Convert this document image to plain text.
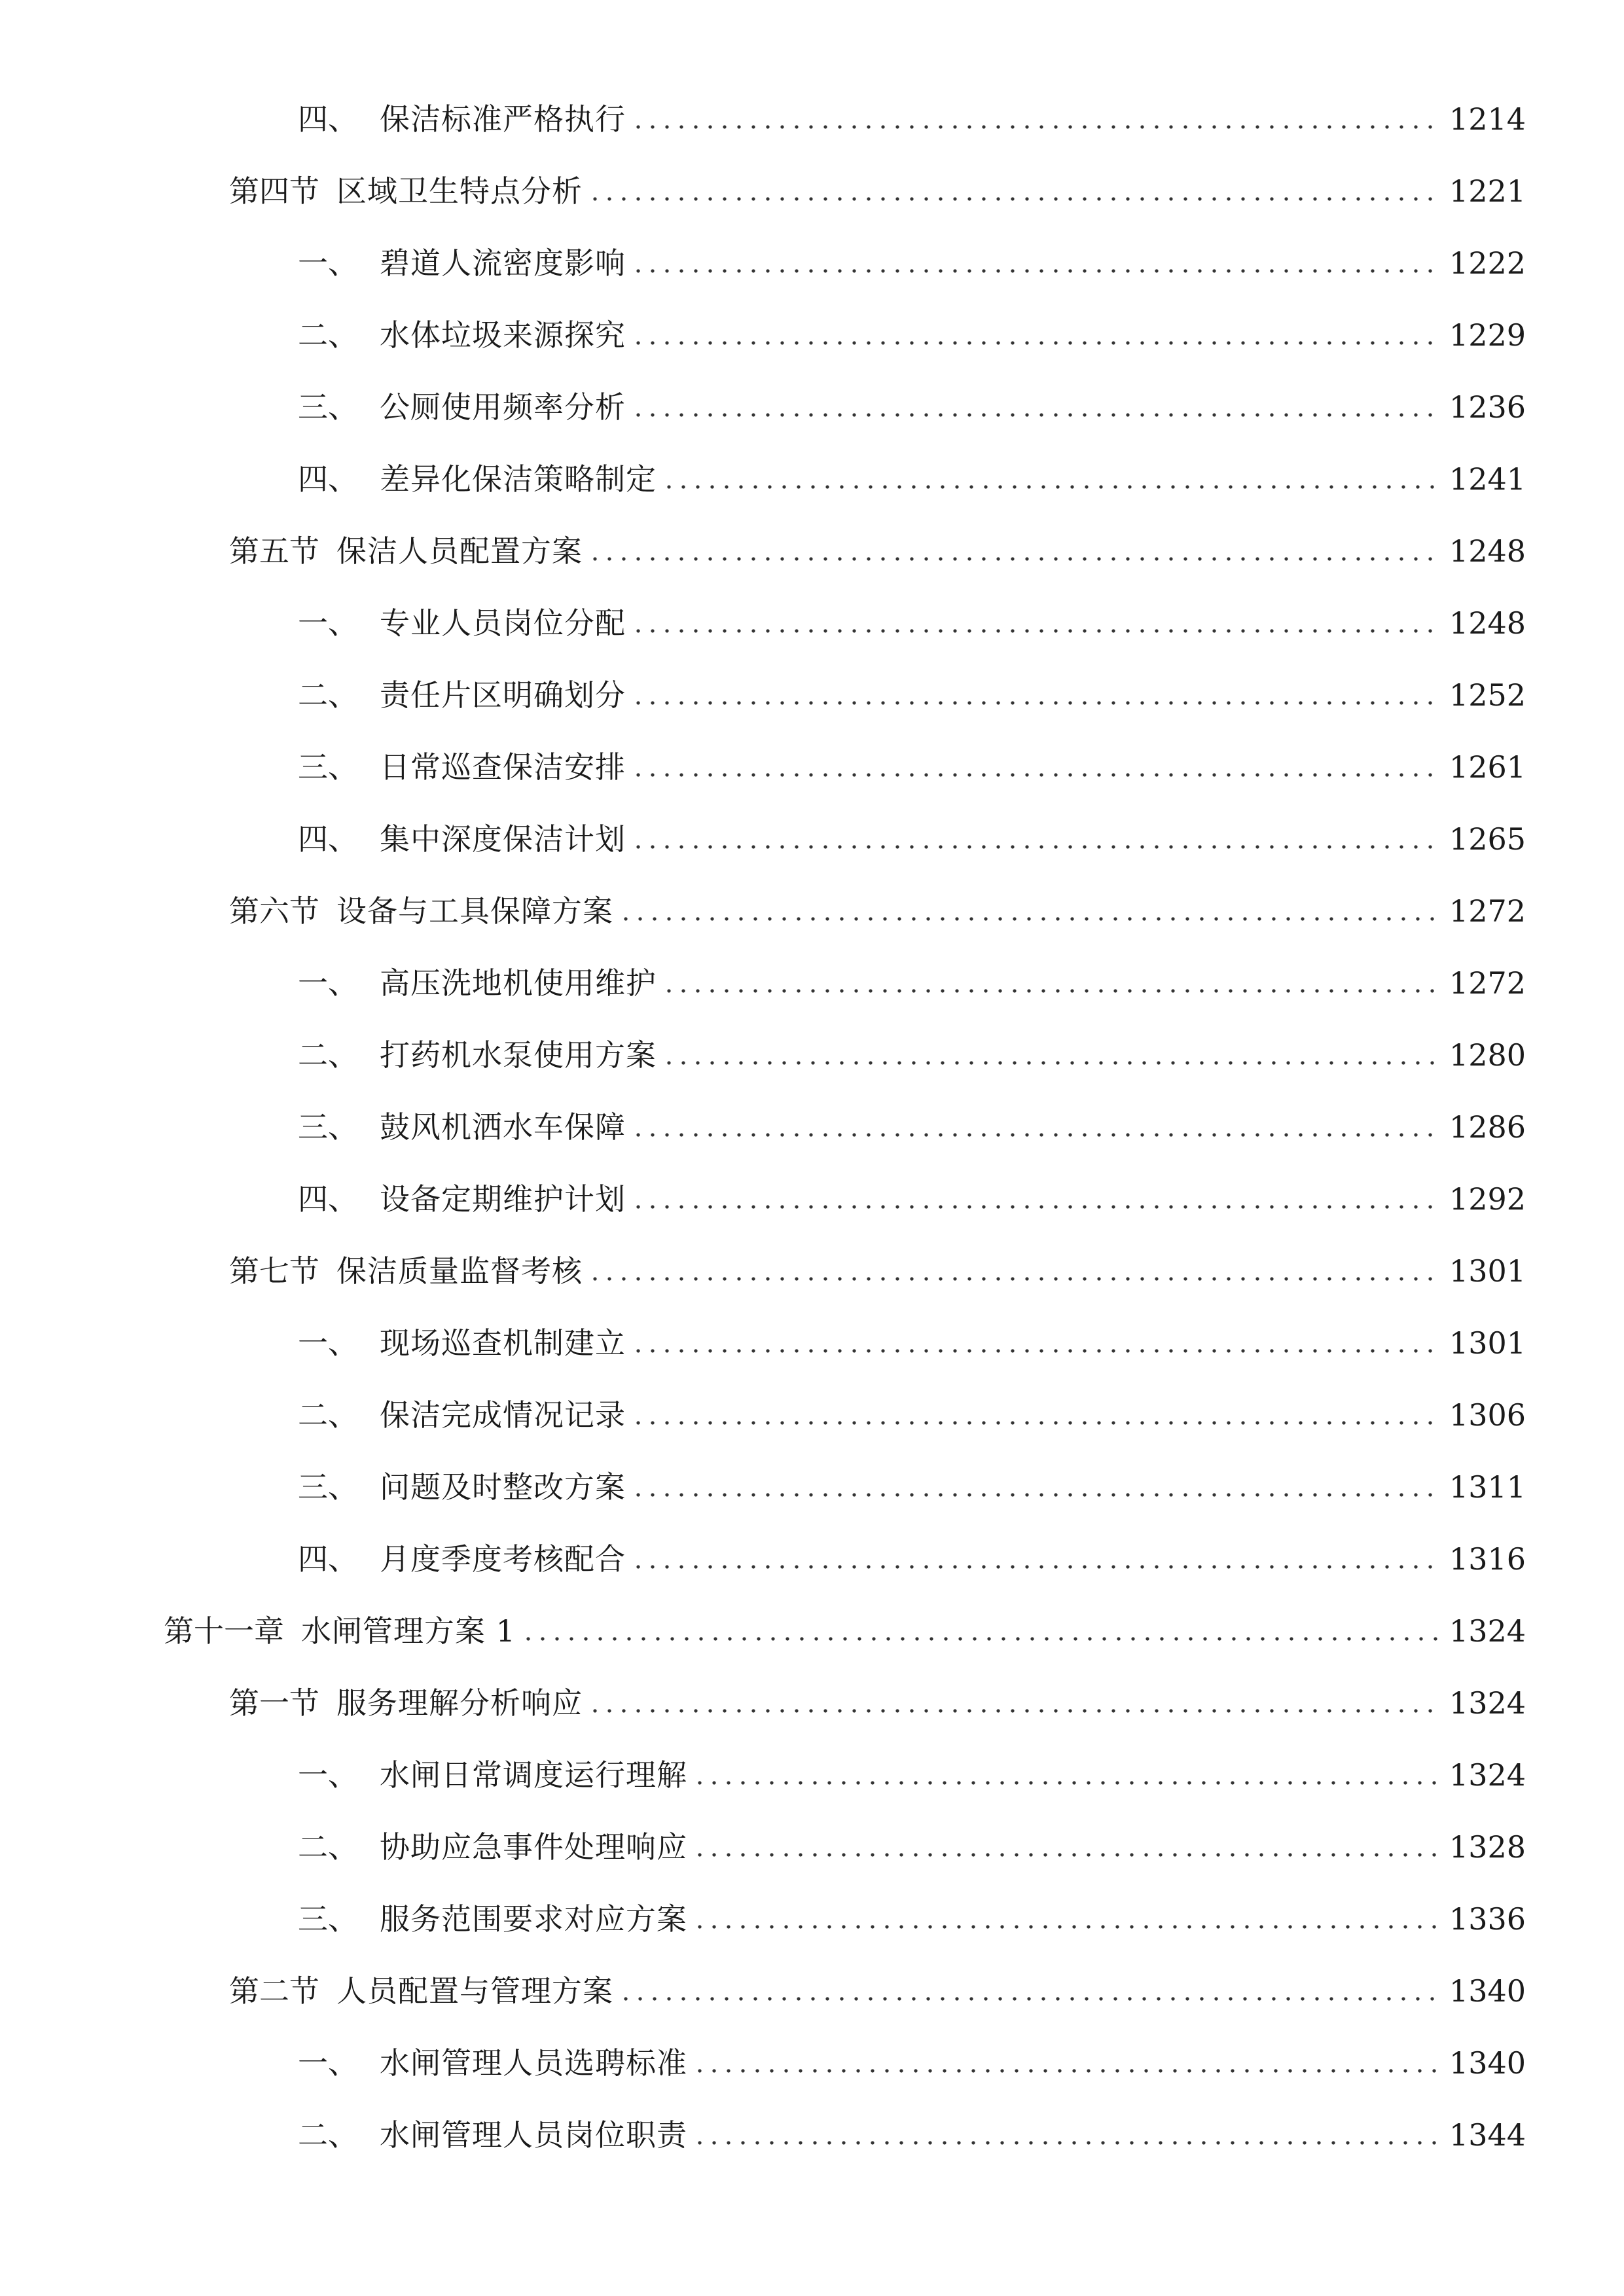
四、 保洁标准严格执行	1214
第四节 区域卫生特点分析	1221
一、 碧道人流密度影响	1222
二、 水体垃圾来源探究	1229
三、 公厕使用频率分析	1236
四、 差异化保洁策略制定	1241
第五节 保洁人员配置方案	1248
一、 专业人员岗位分配	1248
二、 责任片区明确划分	1252
三、 日常巡查保洁安排	1261
四、 集中深度保洁计划	1265
第六节 设备与工具保障方案	1272
一、 高压洗地机使用维护	1272
二、 打药机水泵使用方案	1280
三、 鼓风机洒水车保障	1286
四、 设备定期维护计划	1292
第七节 保洁质量监督考核	1301
一、 现场巡查机制建立	1301
二、 保洁完成情况记录	1306
三、 问题及时整改方案	1311
四、 月度季度考核配合	1316
第十一章 水闸管理方案 1	1324
第一节 服务理解分析响应	1324
一、 水闸日常调度运行理解	1324
二、 协助应急事件处理响应	1328
三、 服务范围要求对应方案	1336
第二节 人员配置与管理方案	1340
一、 水闸管理人员选聘标准	1340
二、 水闸管理人员岗位职责	1344
